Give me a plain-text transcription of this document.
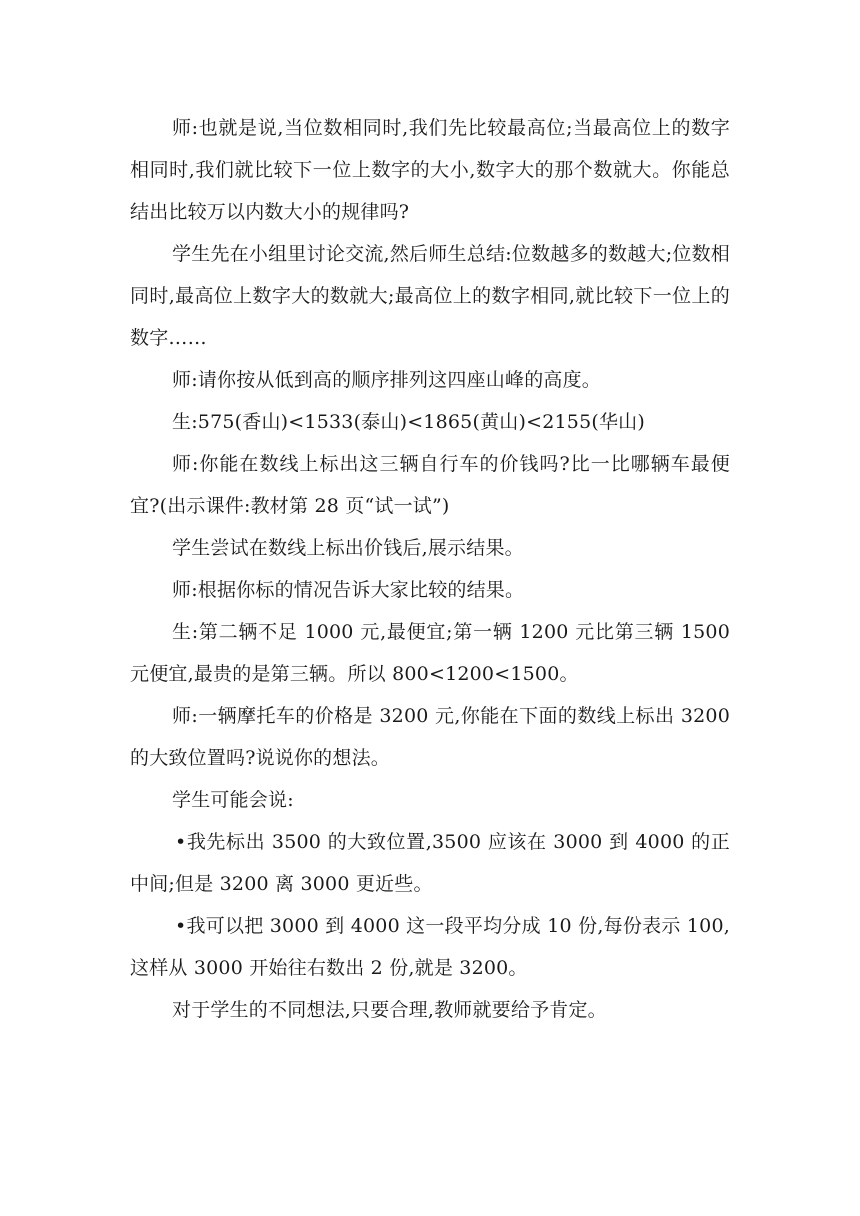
师:也就是说,当位数相同时,我们先比较最高位;当最高位上的数字相同时,我们就比较下一位上数字的大小,数字大的那个数就大。你能总结出比较万以内数大小的规律吗?

学生先在小组里讨论交流,然后师生总结:位数越多的数越大;位数相同时,最高位上数字大的数就大;最高位上的数字相同,就比较下一位上的数字……

师:请你按从低到高的顺序排列这四座山峰的高度。

生:575(香山)<1533(泰山)<1865(黄山)<2155(华山)

师:你能在数线上标出这三辆自行车的价钱吗?比一比哪辆车最便宜?(出示课件:教材第 28 页“试一试”)

学生尝试在数线上标出价钱后,展示结果。

师:根据你标的情况告诉大家比较的结果。

生:第二辆不足 1000 元,最便宜;第一辆 1200 元比第三辆 1500 元便宜,最贵的是第三辆。所以 800<1200<1500。

师:一辆摩托车的价格是 3200 元,你能在下面的数线上标出 3200 的大致位置吗?说说你的想法。

学生可能会说:

•我先标出 3500 的大致位置,3500 应该在 3000 到 4000 的正中间;但是 3200 离 3000 更近些。

•我可以把 3000 到 4000 这一段平均分成 10 份,每份表示 100,这样从 3000 开始往右数出 2 份,就是 3200。

对于学生的不同想法,只要合理,教师就要给予肯定。
